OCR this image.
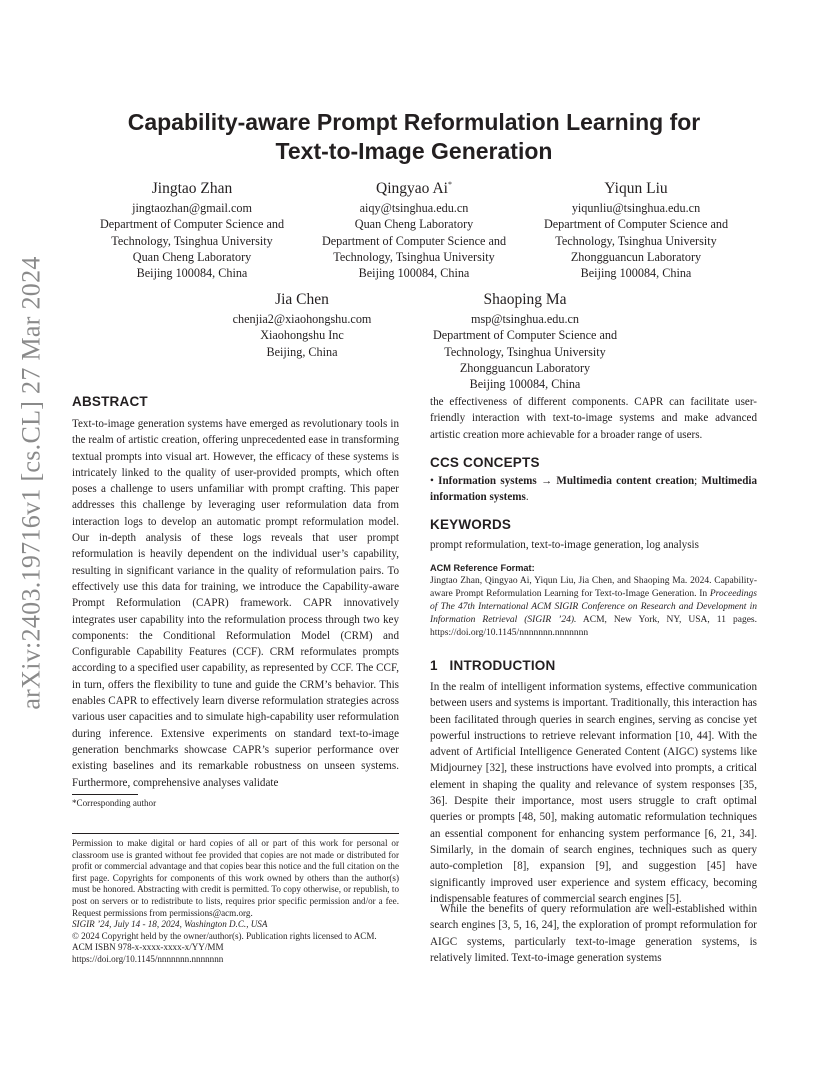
arXiv:2403.19716v1 [cs.CL] 27 Mar 2024
Capability-aware Prompt Reformulation Learning for
Text-to-Image Generation
Jingtao Zhan
jingtaozhan@gmail.com
Department of Computer Science and
Technology, Tsinghua University
Quan Cheng Laboratory
Beijing 100084, China
Qingyao Ai*
aiqy@tsinghua.edu.cn
Quan Cheng Laboratory
Department of Computer Science and
Technology, Tsinghua University
Beijing 100084, China
Yiqun Liu
yiqunliu@tsinghua.edu.cn
Department of Computer Science and
Technology, Tsinghua University
Zhongguancun Laboratory
Beijing 100084, China
Jia Chen
chenjia2@xiaohongshu.com
Xiaohongshu Inc
Beijing, China
Shaoping Ma
msp@tsinghua.edu.cn
Department of Computer Science and
Technology, Tsinghua University
Zhongguancun Laboratory
Beijing 100084, China
ABSTRACT

Text-to-image generation systems have emerged as revolutionary tools in the realm of artistic creation, offering unprecedented ease in transforming textual prompts into visual art. However, the efficacy of these systems is intricately linked to the quality of user-provided prompts, which often poses a challenge to users unfamiliar with prompt crafting. This paper addresses this challenge by leveraging user reformulation data from interaction logs to develop an automatic prompt reformulation model. Our in-depth analysis of these logs reveals that user prompt reformulation is heavily dependent on the individual user’s capability, resulting in significant variance in the quality of reformulation pairs. To effectively use this data for training, we introduce the Capability-aware Prompt Reformulation (CAPR) framework. CAPR innovatively integrates user capability into the reformulation process through two key components: the Conditional Reformulation Model (CRM) and Configurable Capability Features (CCF). CRM reformulates prompts according to a specified user capability, as represented by CCF. The CCF, in turn, offers the flexibility to tune and guide the CRM’s behavior. This enables CAPR to effectively learn diverse reformulation strategies across various user capacities and to simulate high-capability user reformulation during inference. Extensive experiments on standard text-to-image generation benchmarks showcase CAPR’s superior performance over existing baselines and its remarkable robustness on unseen systems. Furthermore, comprehensive analyses validate

*Corresponding author

Permission to make digital or hard copies of all or part of this work for personal or classroom use is granted without fee provided that copies are not made or distributed for profit or commercial advantage and that copies bear this notice and the full citation on the first page. Copyrights for components of this work owned by others than the author(s) must be honored. Abstracting with credit is permitted. To copy otherwise, or republish, to post on servers or to redistribute to lists, requires prior specific permission and/or a fee. Request permissions from permissions@acm.org.
SIGIR ’24, July 14 - 18, 2024, Washington D.C., USA
© 2024 Copyright held by the owner/author(s). Publication rights licensed to ACM.
ACM ISBN 978-x-xxxx-xxxx-x/YY/MM
https://doi.org/10.1145/nnnnnnn.nnnnnnn

the effectiveness of different components. CAPR can facilitate user-friendly interaction with text-to-image systems and make advanced artistic creation more achievable for a broader range of users.

CCS CONCEPTS

• Information systems → Multimedia content creation; Multimedia information systems.

KEYWORDS

prompt reformulation, text-to-image generation, log analysis

ACM Reference Format:
Jingtao Zhan, Qingyao Ai, Yiqun Liu, Jia Chen, and Shaoping Ma. 2024. Capability-aware Prompt Reformulation Learning for Text-to-Image Generation. In Proceedings of The 47th International ACM SIGIR Conference on Research and Development in Information Retrieval (SIGIR ’24). ACM, New York, NY, USA, 11 pages. https://doi.org/10.1145/nnnnnnn.nnnnnnn
1   INTRODUCTION

In the realm of intelligent information systems, effective communication between users and systems is important. Traditionally, this interaction has been facilitated through queries in search engines, serving as concise yet powerful instructions to retrieve relevant information [10, 44]. With the advent of Artificial Intelligence Generated Content (AIGC) systems like Midjourney [32], these instructions have evolved into prompts, a critical element in shaping the quality and relevance of system responses [35, 36]. Despite their importance, most users struggle to craft optimal queries or prompts [48, 50], making automatic reformulation techniques an essential component for enhancing system performance [6, 21, 34]. Similarly, in the domain of search engines, techniques such as query auto-completion [8], expansion [9], and suggestion [45] have significantly improved user experience and system efficacy, becoming indispensable features of commercial search engines [5].

While the benefits of query reformulation are well-established within search engines [3, 5, 16, 24], the exploration of prompt reformulation for AIGC systems, particularly text-to-image generation systems, is relatively limited. Text-to-image generation systems
